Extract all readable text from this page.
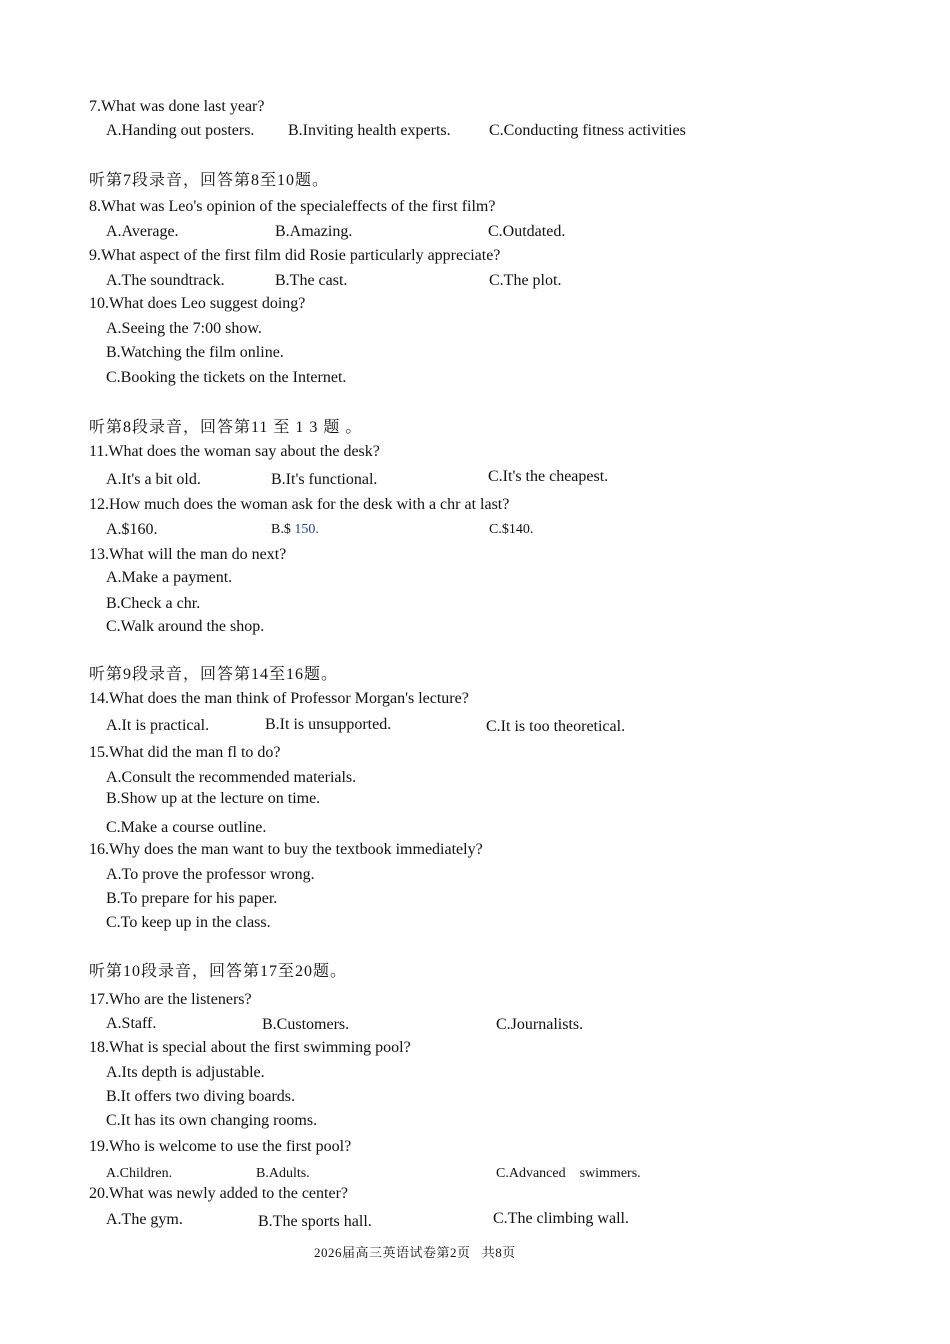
7.What was done last year?
A.Handing out posters. B.Inviting health experts. C.Conducting fitness activities
听第7段录音，回答第8至10题。
8.What was Leo's opinion of the specialeffects of the first film?
A.Average.	B.Amazing.	C.Outdated.
9.What aspect of the first film did Rosie particularly appreciate?
A.The soundtrack.	B.The cast.	C.The plot.
10.What does Leo suggest doing?
A.Seeing the 7:00 show.
B.Watching the film online.
C.Booking the tickets on the Internet.
听第8段录音，回答第11 至 1 3 题 。
11.What does the woman say about the desk?
A.It's a bit old.	B.It's functional.	C.It's the cheapest.
12.How much does the woman ask for the desk with a chr at last?
A.$160.	B.$ 150.	C.$140.
13.What will the man do next?
A.Make a payment.
B.Check a chr.
C.Walk around the shop.
听第9段录音，回答第14至16题。
14.What does the man think of Professor Morgan's lecture?
A.It is practical.	B.It is unsupported.	C.It is too theoretical.
15.What did the man fl to do?
A.Consult the recommended materials.
B.Show up at the lecture on time.
C.Make a course outline.
16.Why does the man want to buy the textbook immediately?
A.To prove the professor wrong.
B.To prepare for his paper.
C.To keep up in the class.
听第10段录音，回答第17至20题。
17.Who are the listeners?
A.Staff.	B.Customers.	C.Journalists.
18.What is special about the first swimming pool?
A.Its depth is adjustable.
B.It offers two diving boards.
C.It has its own changing rooms.
19.Who is welcome to use the first pool?
A.Children.	B.Adults.	C.Advanced    swimmers.
20.What was newly added to the center?
A.The gym.	B.The sports hall.	C.The climbing wall.
2026届高三英语试卷第2页   共8页
